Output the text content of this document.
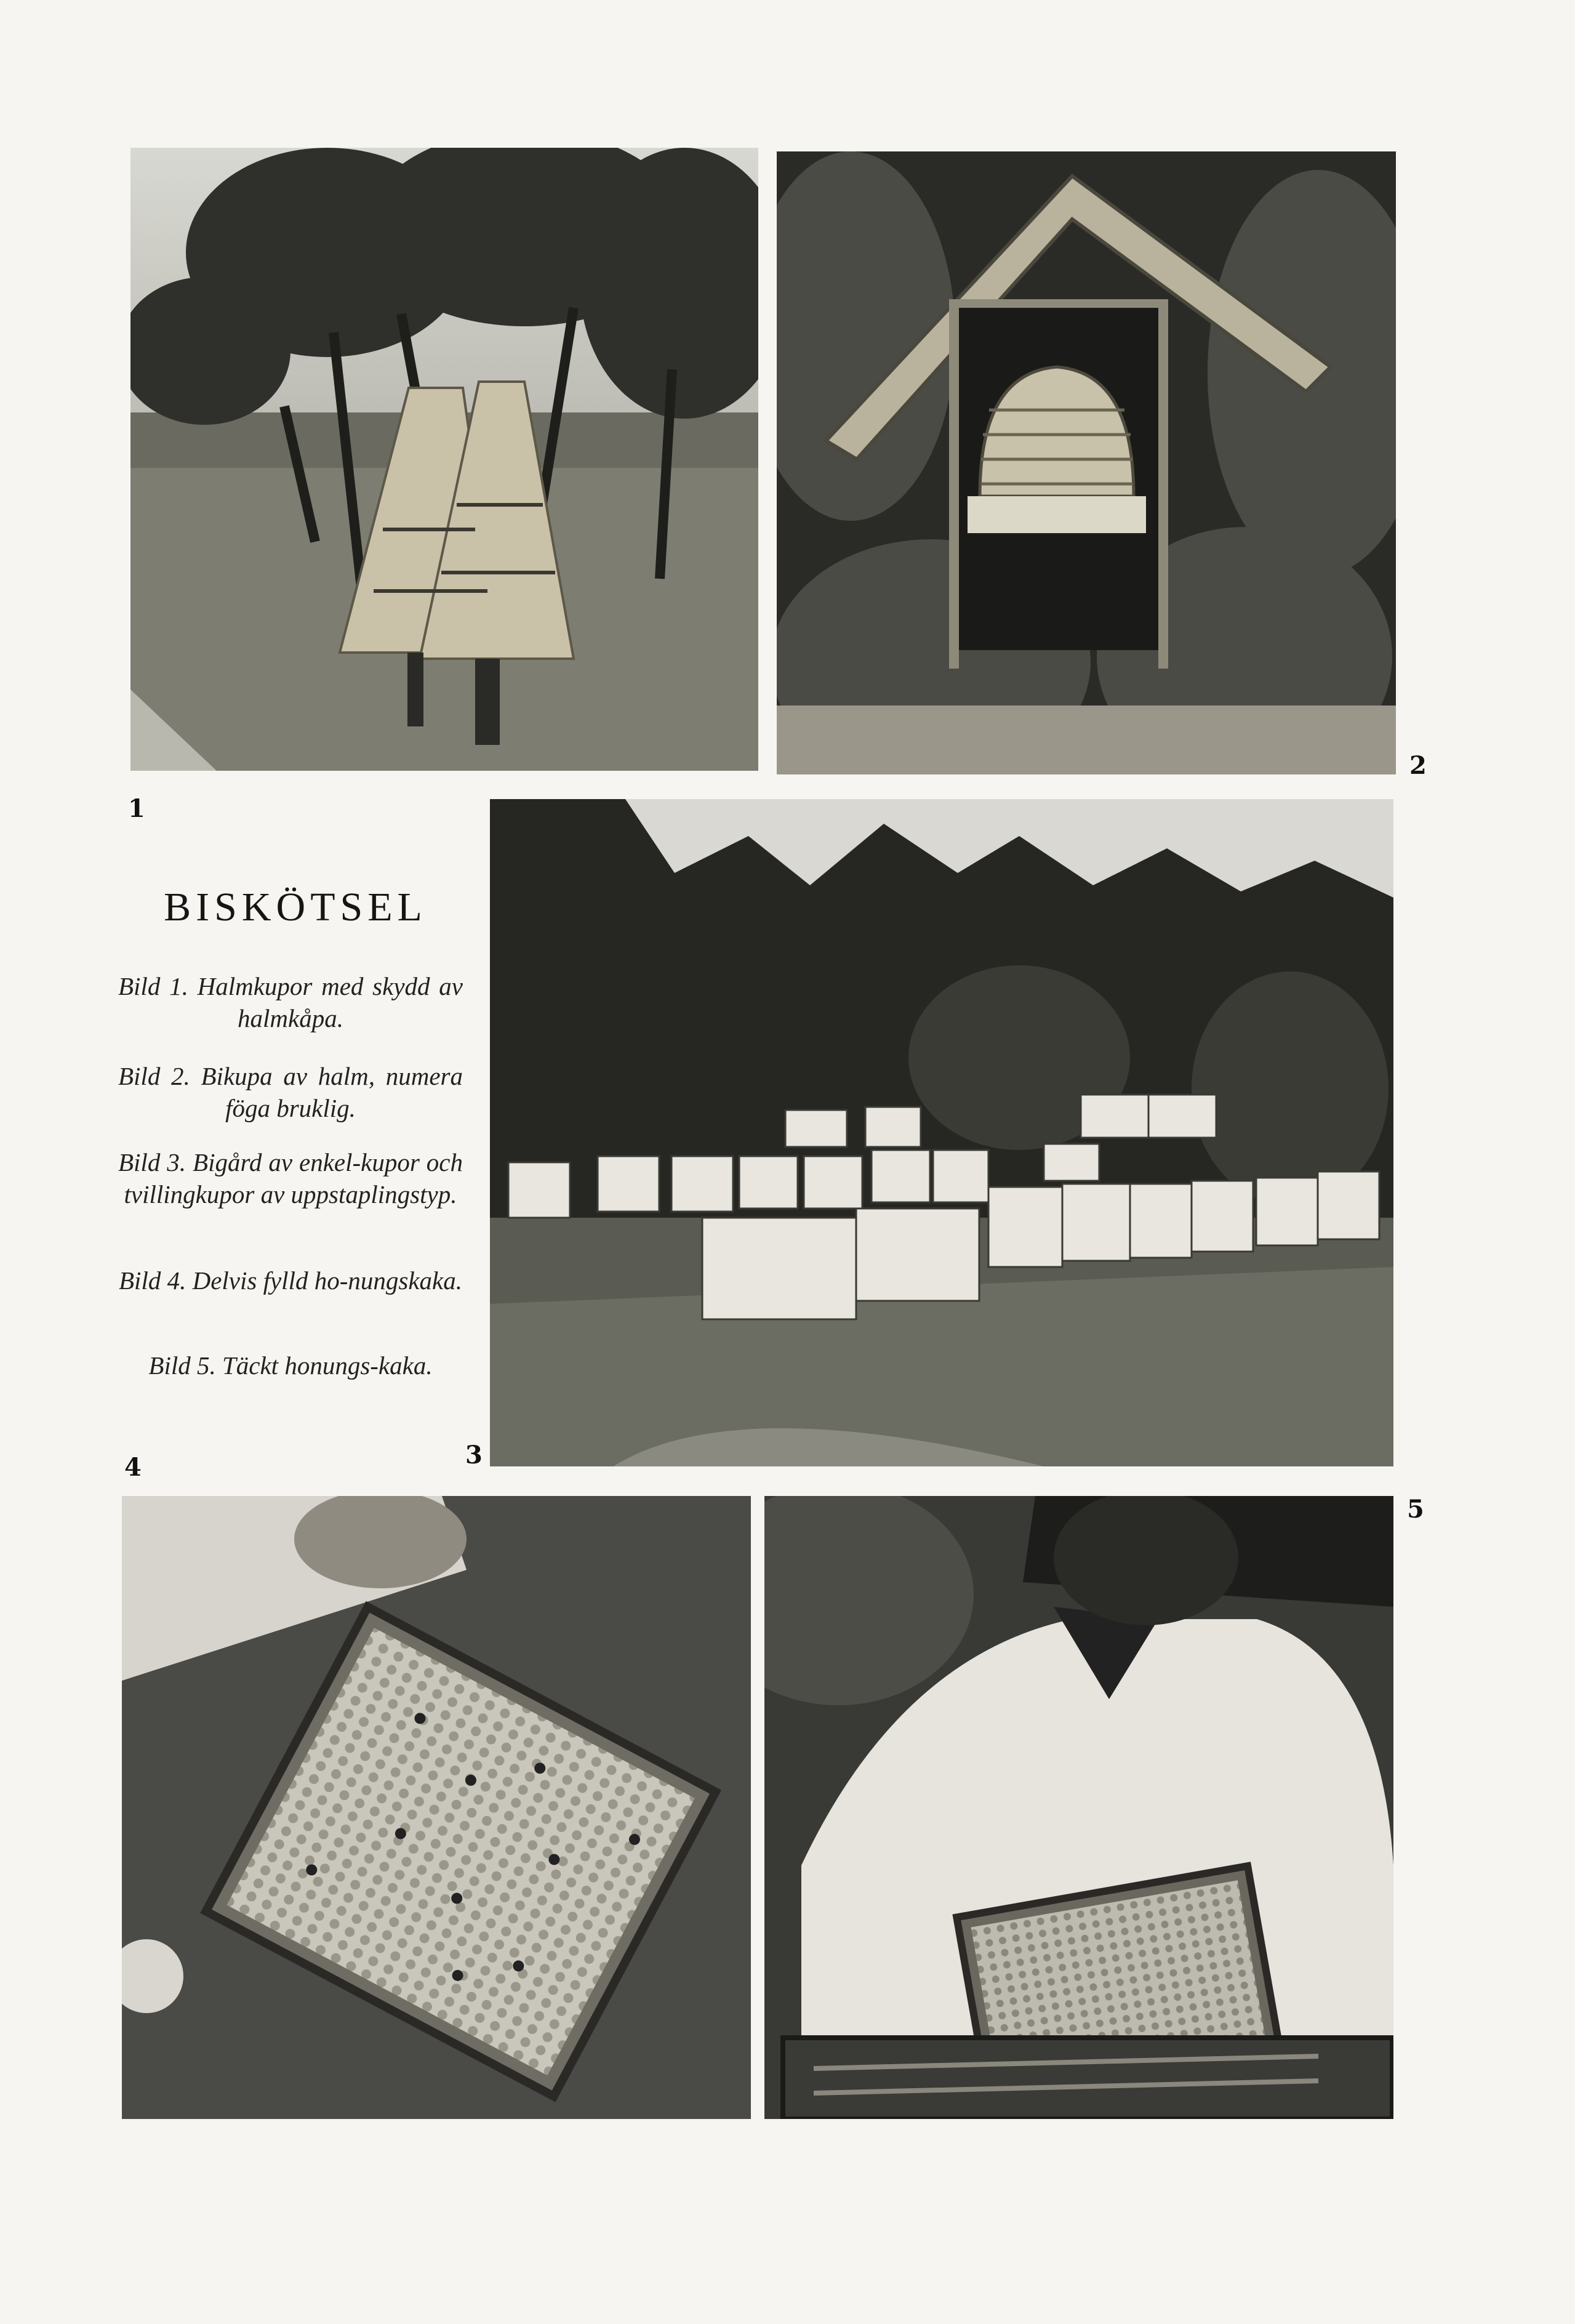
1
2
3
4
5
BISKÖTSEL
Bild 1. Halmkupor med skydd av halmkåpa.
Bild 2. Bikupa av halm, numera föga bruklig.
Bild 3. Bigård av enkel-kupor och tvillingkupor av uppstaplingstyp.
Bild 4. Delvis fylld ho-nungskaka.
Bild 5. Täckt honungs-kaka.
